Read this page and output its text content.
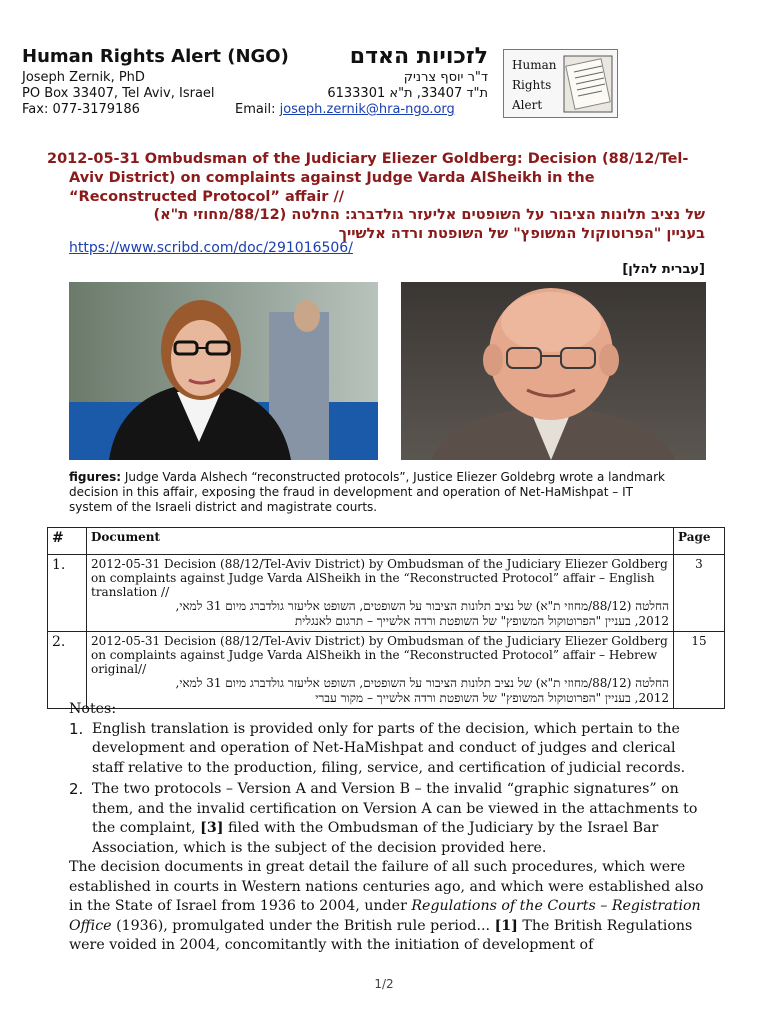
Human Rights Alert (NGO)	לזכויות האדם
Joseph Zernik, PhD	ד"ר יוסף צרניק
PO Box 33407, Tel Aviv, Israel	ת"ד 33407, ת"א 6133301
Fax: 077-3179186	Email: joseph.zernik@hra-ngo.org
Human
Rights
Alert
2012-05-31 Ombudsman of the Judiciary Eliezer Goldberg: Decision (88/12/Tel-
Aviv District) on complaints against Judge Varda AlSheikh in the
“Reconstructed Protocol” affair //
של נציב תלונות הציבור על השופטים אליעזר גולדברג: החלטה (88/12/מחוזי ת"א)
בעניין "הפרוטוקול המשופץ" של השופטת ורדה אלשייך
https://www.scribd.com/doc/291016506/
[עברית להלן]
figures: Judge Varda Alshech “reconstructed protocols”, Justice Eliezer Goldebrg wrote a landmark decision in this affair, exposing the fraud in development and operation of Net-HaMishpat – IT system of the Israeli district and magistrate courts.
#	Document	Page
1.	2012-05-31 Decision (88/12/Tel-Aviv District) by Ombudsman of the Judiciary Eliezer Goldberg on complaints against Judge Varda AlSheikh in the “Reconstructed Protocol” affair – English translation //
החלטה (88/12/מחוזי ת"א) של נציב תלונות הציבור על השופטים, השופט אליעזר גולדברג מיום 31 למאי,
2012, בעניין "הפרוטוקול המשופץ" של השופטת ורדה אלשייך – תרגום לאנגלית	3
2.	2012-05-31 Decision (88/12/Tel-Aviv District) by Ombudsman of the Judiciary Eliezer Goldberg on complaints against Judge Varda AlSheikh in the “Reconstructed Protocol” affair – Hebrew original//
החלטה (88/12/מחוזי ת"א) של נציב תלונות הציבור על השופטים, השופט אליעזר גולדברג מיום 31 למאי,
2012, בעניין "הפרוטוקול המשופץ" של השופטת ורדה אלשייך – מקור עברי	15
Notes:
1. English translation is provided only for parts of the decision, which pertain to the development and operation of Net-HaMishpat and conduct of judges and clerical staff relative to the production, filing, service, and certification of judicial records.
2. The two protocols – Version A and Version B – the invalid “graphic signatures” on them, and the invalid certification on Version A can be viewed in the attachments to the complaint, [3] filed with the Ombudsman of the Judiciary by the Israel Bar Association, which is the subject of the decision provided here.
The decision documents in great detail the failure of all such procedures, which were established in courts in Western nations centuries ago, and which were established also in the State of Israel from 1936 to 2004, under Regulations of the Courts – Registration Office (1936), promulgated under the British rule period... [1] The British Regulations were voided in 2004, concomitantly with the initiation of development of
1/2
